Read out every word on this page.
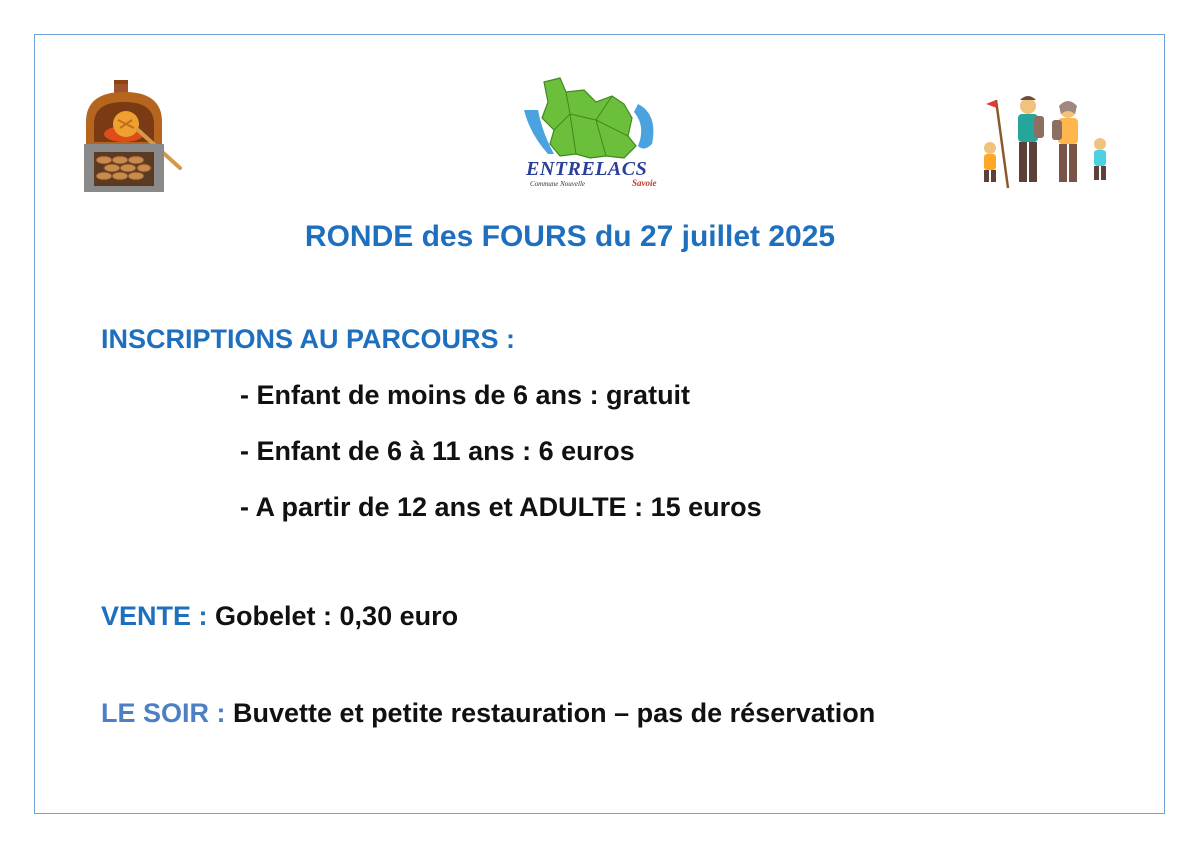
ENTRELACS
Commune Nouvelle	Savoie
RONDE des FOURS du 27 juillet 2025
INSCRIPTIONS AU PARCOURS :
- Enfant de moins de 6 ans : gratuit
- Enfant de 6 à 11 ans : 6 euros
- A partir de 12 ans et ADULTE : 15 euros
VENTE : Gobelet : 0,30 euro
LE SOIR : Buvette et petite restauration – pas de réservation
